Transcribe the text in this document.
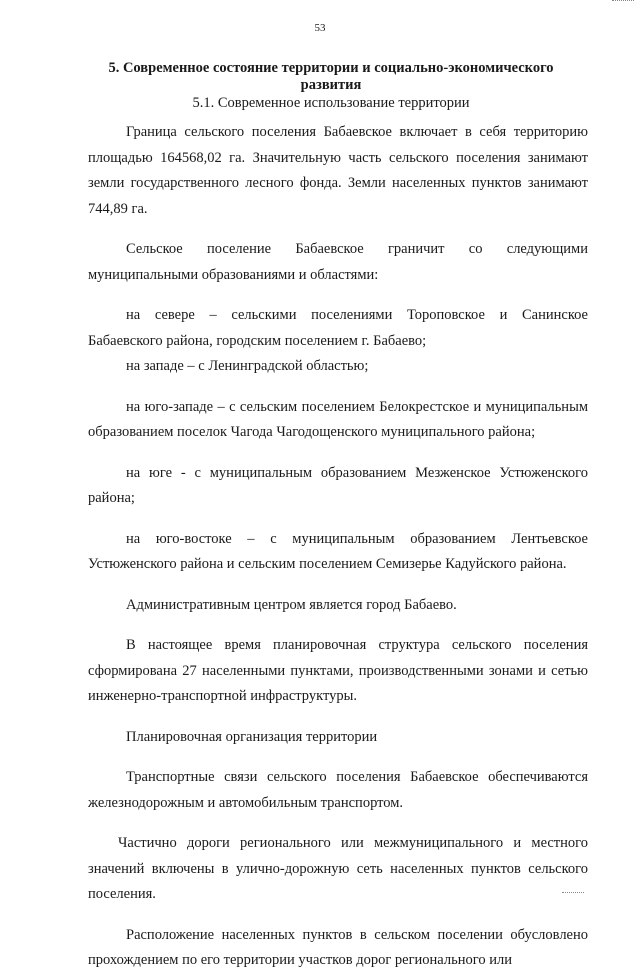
53
5. Современное состояние территории и социально-экономического
развития
5.1. Современное использование территории

Граница сельского поселения Бабаевское включает в себя территорию площадью 164568,02 га. Значительную часть сельского поселения занимают земли государственного лесного фонда. Земли населенных пунктов занимают 744,89 га.

Сельское поселение Бабаевское граничит со следующими муниципальными образованиями и областями:

на севере – сельскими поселениями Тороповское и Санинское Бабаевского района, городским поселением г. Бабаево;

на западе – с Ленинградской областью;

на юго-западе – с сельским поселением Белокрестское и муниципальным образованием поселок Чагода Чагодощенского муниципального района;

на юге - с муниципальным образованием Мезженское Устюженского района;

на юго-востоке – с муниципальным образованием Лентьевское Устюженского района и сельским поселением Семизерье Кадуйского района.

Административным центром является город Бабаево.

В настоящее время планировочная структура сельского поселения сформирована 27 населенными пунктами, производственными зонами и сетью инженерно-транспортной инфраструктуры.

Планировочная организация территории

Транспортные связи сельского поселения Бабаевское обеспечиваются железнодорожным и автомобильным транспортом.

Частично дороги регионального или межмуниципального и местного значений включены в улично-дорожную сеть населенных пунктов сельского поселения.

Расположение населенных пунктов в сельском поселении обусловлено прохождением по его территории участков дорог регионального или
